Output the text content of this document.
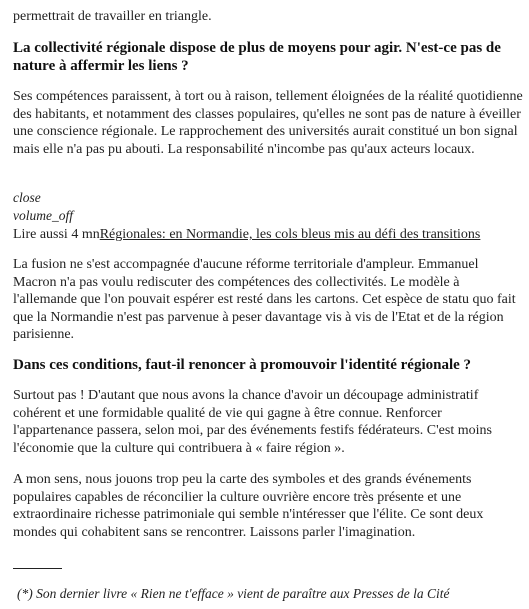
permettrait de travailler en triangle.

La collectivité régionale dispose de plus de moyens pour agir. N'est-ce pas de nature à affermir les liens ?

Ses compétences paraissent, à tort ou à raison, tellement éloignées de la réalité quotidienne des habitants, et notamment des classes populaires, qu'elles ne sont pas de nature à éveiller une conscience régionale. Le rapprochement des universités aurait constitué un bon signal mais elle n'a pas pu abouti. La responsabilité n'incombe pas qu'aux acteurs locaux.

close
volume_off
Lire aussi 4 mnRégionales: en Normandie, les cols bleus mis au défi des transitions

La fusion ne s'est accompagnée d'aucune réforme territoriale d'ampleur. Emmanuel Macron n'a pas voulu rediscuter des compétences des collectivités. Le modèle à l'allemande que l'on pouvait espérer est resté dans les cartons. Cet espèce de statu quo fait que la Normandie n'est pas parvenue à peser davantage vis à vis de l'Etat et de la région parisienne.

Dans ces conditions, faut-il renoncer à promouvoir l'identité régionale ?

Surtout pas ! D'autant que nous avons la chance d'avoir un découpage administratif cohérent et une formidable qualité de vie qui gagne à être connue. Renforcer l'appartenance passera, selon moi, par des événements festifs fédérateurs. C'est moins l'économie que la culture qui contribuera à « faire région ».

A mon sens, nous jouons trop peu la carte des symboles et des grands événements populaires capables de réconcilier la culture ouvrière encore très présente et une extraordinaire richesse patrimoniale qui semble n'intéresser que l'élite. Ce sont deux mondes qui cohabitent sans se rencontrer. Laissons parler l'imagination.

(*) Son dernier livre « Rien ne t'efface » vient de paraître aux Presses de la Cité
